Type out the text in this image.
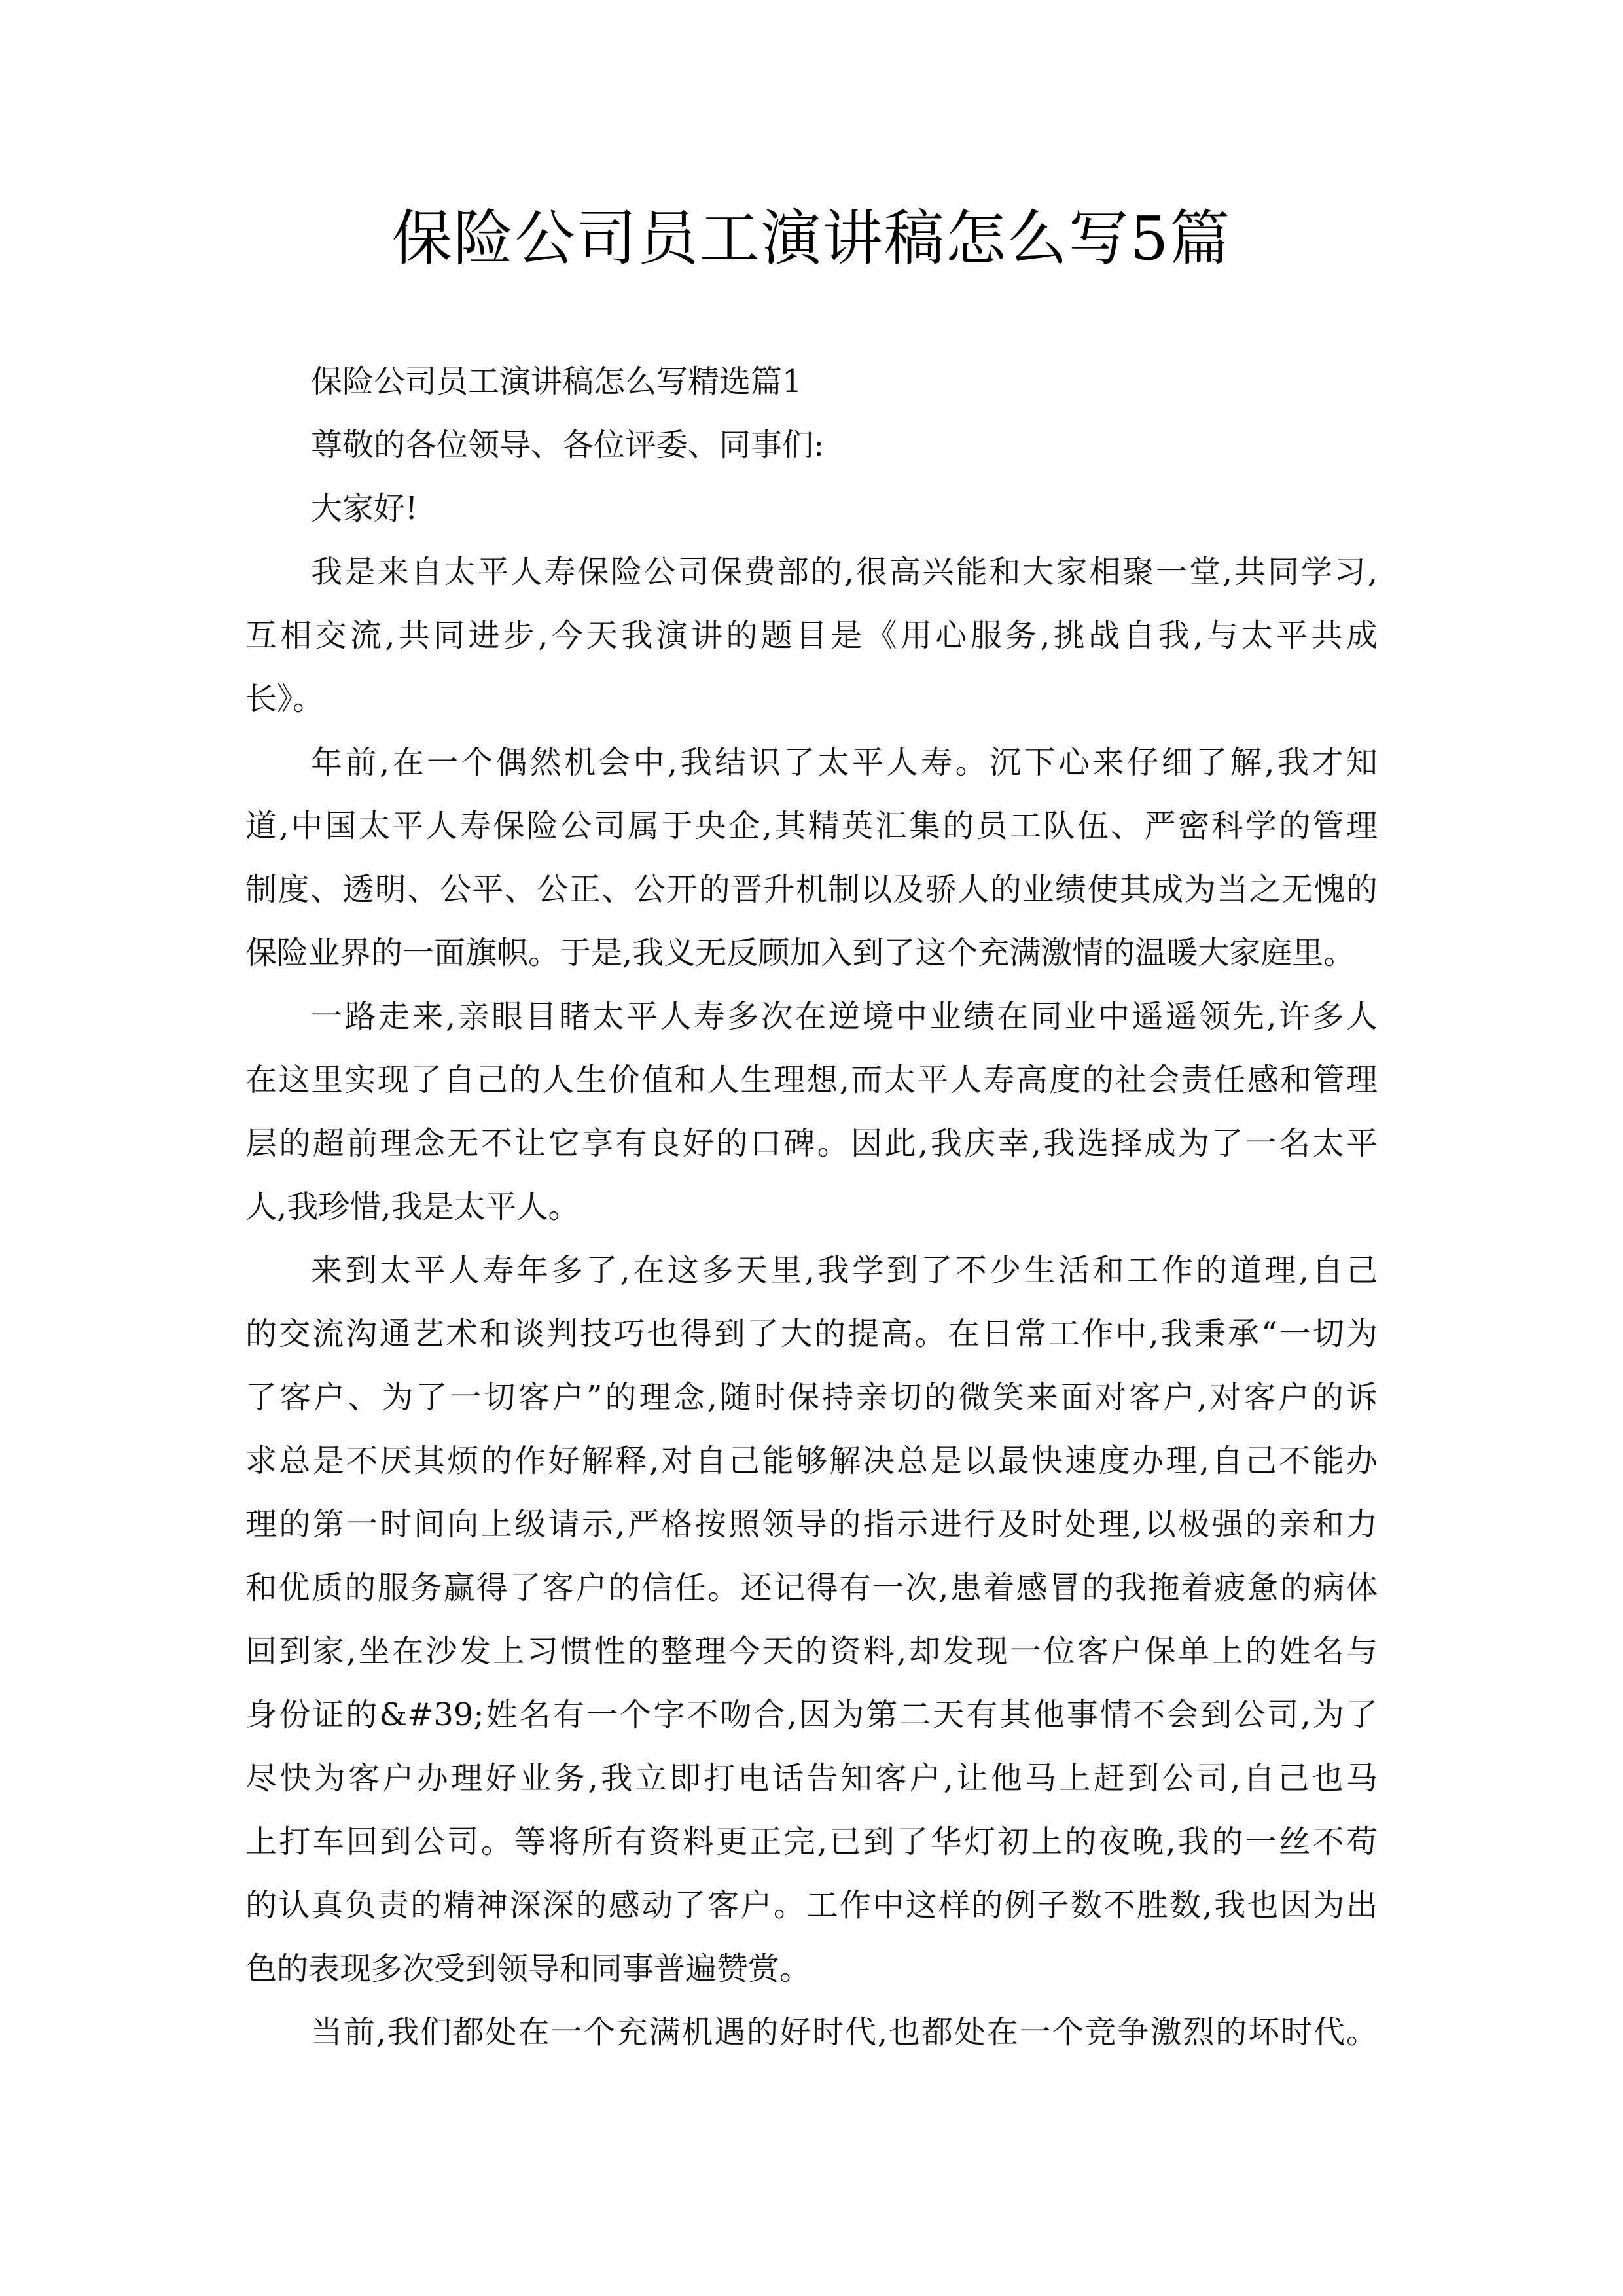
保险公司员工演讲稿怎么写5篇

保险公司员工演讲稿怎么写精选篇1

尊敬的各位领导、各位评委、同事们:

大家好!

我是来自太平人寿保险公司保费部的,很高兴能和大家相聚一堂,共同学习,
互相交流,共同进步,今天我演讲的题目是《用心服务,挑战自我,与太平共成
长》。

年前,在一个偶然机会中,我结识了太平人寿。沉下心来仔细了解,我才知
道,中国太平人寿保险公司属于央企,其精英汇集的员工队伍、严密科学的管理
制度、透明、公平、公正、公开的晋升机制以及骄人的业绩使其成为当之无愧的
保险业界的一面旗帜。于是,我义无反顾加入到了这个充满激情的温暖大家庭里。

一路走来,亲眼目睹太平人寿多次在逆境中业绩在同业中遥遥领先,许多人
在这里实现了自己的人生价值和人生理想,而太平人寿高度的社会责任感和管理
层的超前理念无不让它享有良好的口碑。因此,我庆幸,我选择成为了一名太平
人,我珍惜,我是太平人。

来到太平人寿年多了,在这多天里,我学到了不少生活和工作的道理,自己
的交流沟通艺术和谈判技巧也得到了大的提高。在日常工作中,我秉承“一切为
了客户、为了一切客户”的理念,随时保持亲切的微笑来面对客户,对客户的诉
求总是不厌其烦的作好解释,对自己能够解决总是以最快速度办理,自己不能办
理的第一时间向上级请示,严格按照领导的指示进行及时处理,以极强的亲和力
和优质的服务赢得了客户的信任。还记得有一次,患着感冒的我拖着疲惫的病体
回到家,坐在沙发上习惯性的整理今天的资料,却发现一位客户保单上的姓名与
身份证的&#39;姓名有一个字不吻合,因为第二天有其他事情不会到公司,为了
尽快为客户办理好业务,我立即打电话告知客户,让他马上赶到公司,自己也马
上打车回到公司。等将所有资料更正完,已到了华灯初上的夜晚,我的一丝不苟
的认真负责的精神深深的感动了客户。工作中这样的例子数不胜数,我也因为出
色的表现多次受到领导和同事普遍赞赏。

当前,我们都处在一个充满机遇的好时代,也都处在一个竞争激烈的坏时代。
